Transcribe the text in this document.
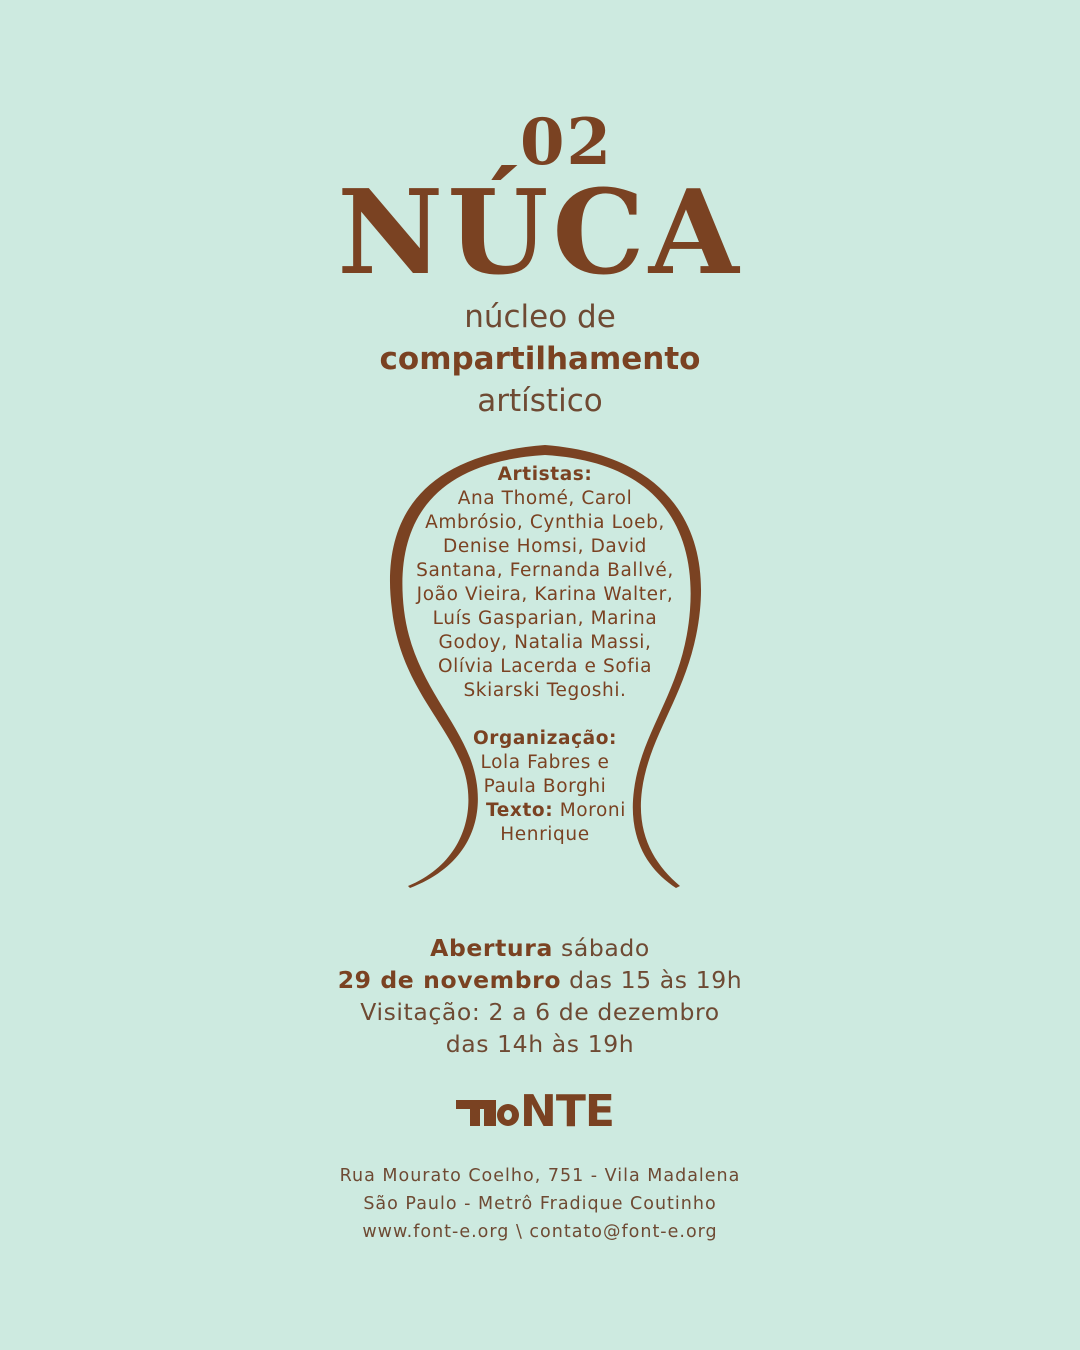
02
NÚCA
núcleo de
compartilhamento
artístico
Artistas:
Ana Thomé, Carol
Ambrósio, Cynthia Loeb,
Denise Homsi, David
Santana, Fernanda Ballvé,
João Vieira, Karina Walter,
Luís Gasparian, Marina
Godoy, Natalia Massi,
Olívia Lacerda e Sofia
Skiarski Tegoshi.
Organização:
Lola Fabres e
Paula Borghi
Texto: Moroni
Henrique
Abertura sábado
29 de novembro das 15 às 19h
Visitação: 2 a 6 de dezembro
das 14h às 19h
NTE
Rua Mourato Coelho, 751 - Vila Madalena
São Paulo - Metrô Fradique Coutinho
www.font-e.org \ contato@font-e.org
